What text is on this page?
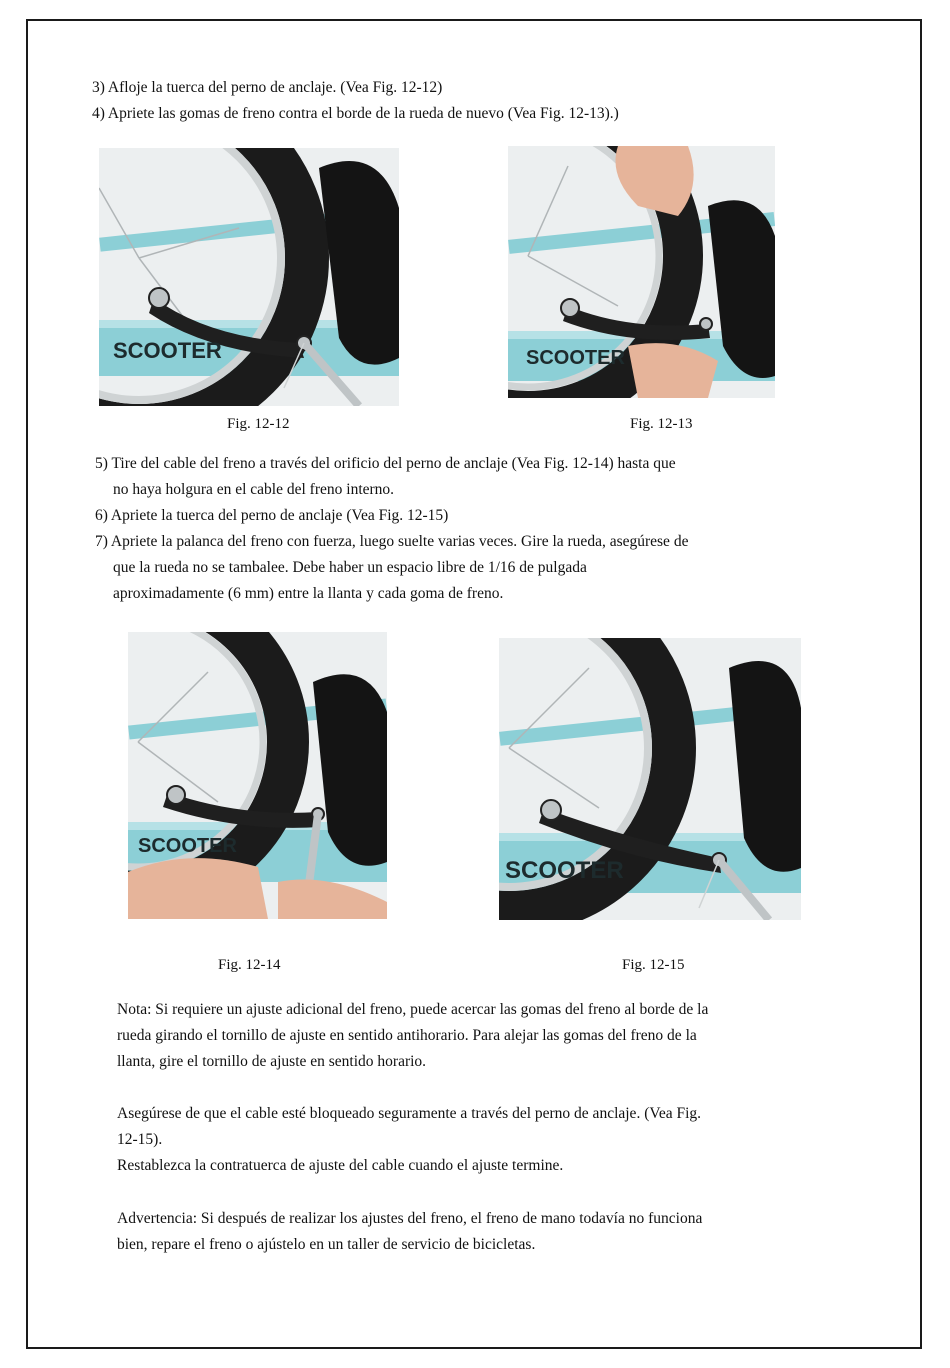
3) Afloje la tuerca del perno de anclaje. (Vea Fig. 12-12)
4) Apriete las gomas de freno contra el borde de la rueda de nuevo (Vea Fig. 12-13).)
SCOOTER
Fig. 12-12
SCOOTER
Fig. 12-13
5) Tire del cable del freno a través del orificio del perno de anclaje (Vea Fig. 12-14) hasta que
no haya holgura en el cable del freno interno.
6) Apriete la tuerca del perno de anclaje (Vea Fig. 12-15)
7) Apriete la palanca del freno con fuerza, luego suelte varias veces. Gire la rueda, asegúrese de
que la rueda no se tambalee. Debe haber un espacio libre de 1/16 de pulgada
aproximadamente (6 mm) entre la llanta y cada goma de freno.
SCOOTER
Fig. 12-14
SCOOTER
Fig. 12-15
Nota: Si requiere un ajuste adicional del freno, puede acercar las gomas del freno al borde de la
rueda girando el tornillo de ajuste en sentido antihorario. Para alejar las gomas del freno de la
llanta, gire el tornillo de ajuste en sentido horario.
Asegúrese de que el cable esté bloqueado seguramente a través del perno de anclaje. (Vea Fig.
12-15).
Restablezca la contratuerca de ajuste del cable cuando el ajuste termine.
Advertencia: Si después de realizar los ajustes del freno, el freno de mano todavía no funciona
bien, repare el freno o ajústelo en un taller de servicio de bicicletas.
